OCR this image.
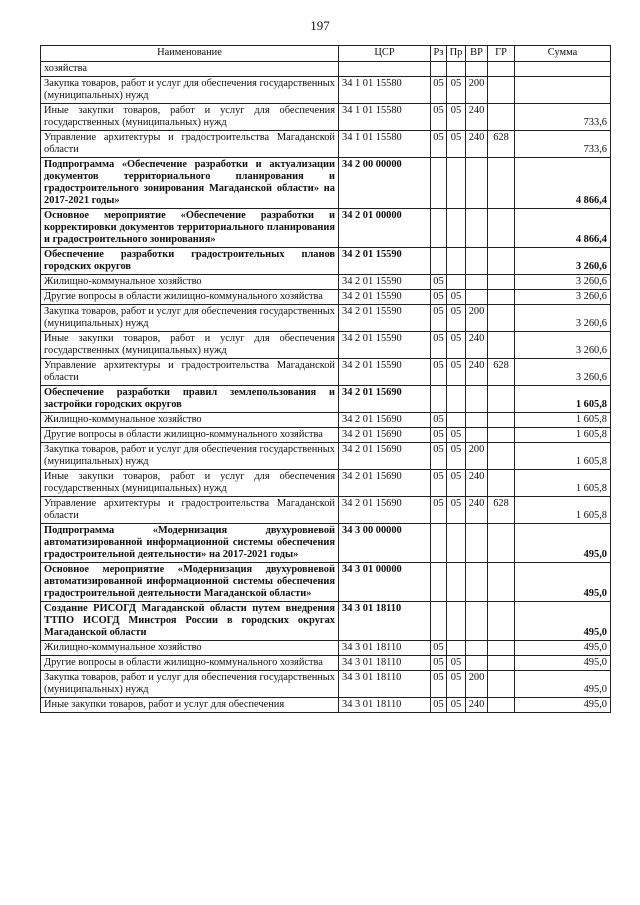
197
Наименование	ЦСР	Рз	Пр	ВР	ГР	Сумма
хозяйства						
Закупка товаров, работ и услуг для обеспечения государственных (муниципальных) нужд	34 1 01 15580	05	05	200		
Иные закупки товаров, работ и услуг для обеспечения государственных (муниципальных) нужд	34 1 01 15580	05	05	240		733,6
Управление архитектуры и градостроительства Магаданской области	34 1 01 15580	05	05	240	628	733,6
Подпрограмма «Обеспечение разработки и актуализации документов территориального планирования и градостроительного зонирования Магаданской области» на 2017-2021 годы»	34 2 00 00000					4 866,4
Основное мероприятие «Обеспечение разработки и корректировки документов территориального планирования и градостроительного зонирования»	34 2 01 00000					4 866,4
Обеспечение разработки градостроительных планов городских округов	34 2 01 15590					3 260,6
Жилищно-коммунальное хозяйство	34 2 01 15590	05				3 260,6
Другие вопросы в области жилищно-коммунального хозяйства	34 2 01 15590	05	05			3 260,6
Закупка товаров, работ и услуг для обеспечения государственных (муниципальных) нужд	34 2 01 15590	05	05	200		3 260,6
Иные закупки товаров, работ и услуг для обеспечения государственных (муниципальных) нужд	34 2 01 15590	05	05	240		3 260,6
Управление архитектуры и градостроительства Магаданской области	34 2 01 15590	05	05	240	628	3 260,6
Обеспечение разработки правил землепользования и застройки городских округов	34 2 01 15690					1 605,8
Жилищно-коммунальное хозяйство	34 2 01 15690	05				1 605,8
Другие вопросы в области жилищно-коммунального хозяйства	34 2 01 15690	05	05			1 605,8
Закупка товаров, работ и услуг для обеспечения государственных (муниципальных) нужд	34 2 01 15690	05	05	200		1 605,8
Иные закупки товаров, работ и услуг для обеспечения государственных (муниципальных) нужд	34 2 01 15690	05	05	240		1 605,8
Управление архитектуры и градостроительства Магаданской области	34 2 01 15690	05	05	240	628	1 605,8
Подпрограмма «Модернизация двухуровневой автоматизированной информационной системы обеспечения градостроительной деятельности» на 2017-2021 годы»	34 3 00 00000					495,0
Основное мероприятие «Модернизация двухуровневой автоматизированной информационной системы обеспечения градостроительной деятельности Магаданской области»	34 3 01 00000					495,0
Создание РИСОГД Магаданской области путем внедрения ТТПО ИСОГД Минстроя России в городских округах Магаданской области	34 3 01 18110					495,0
Жилищно-коммунальное хозяйство	34 3 01 18110	05				495,0
Другие вопросы в области жилищно-коммунального хозяйства	34 3 01 18110	05	05			495,0
Закупка товаров, работ и услуг для обеспечения государственных (муниципальных) нужд	34 3 01 18110	05	05	200		495,0
Иные закупки товаров, работ и услуг для обеспечения	34 3 01 18110	05	05	240		495,0
